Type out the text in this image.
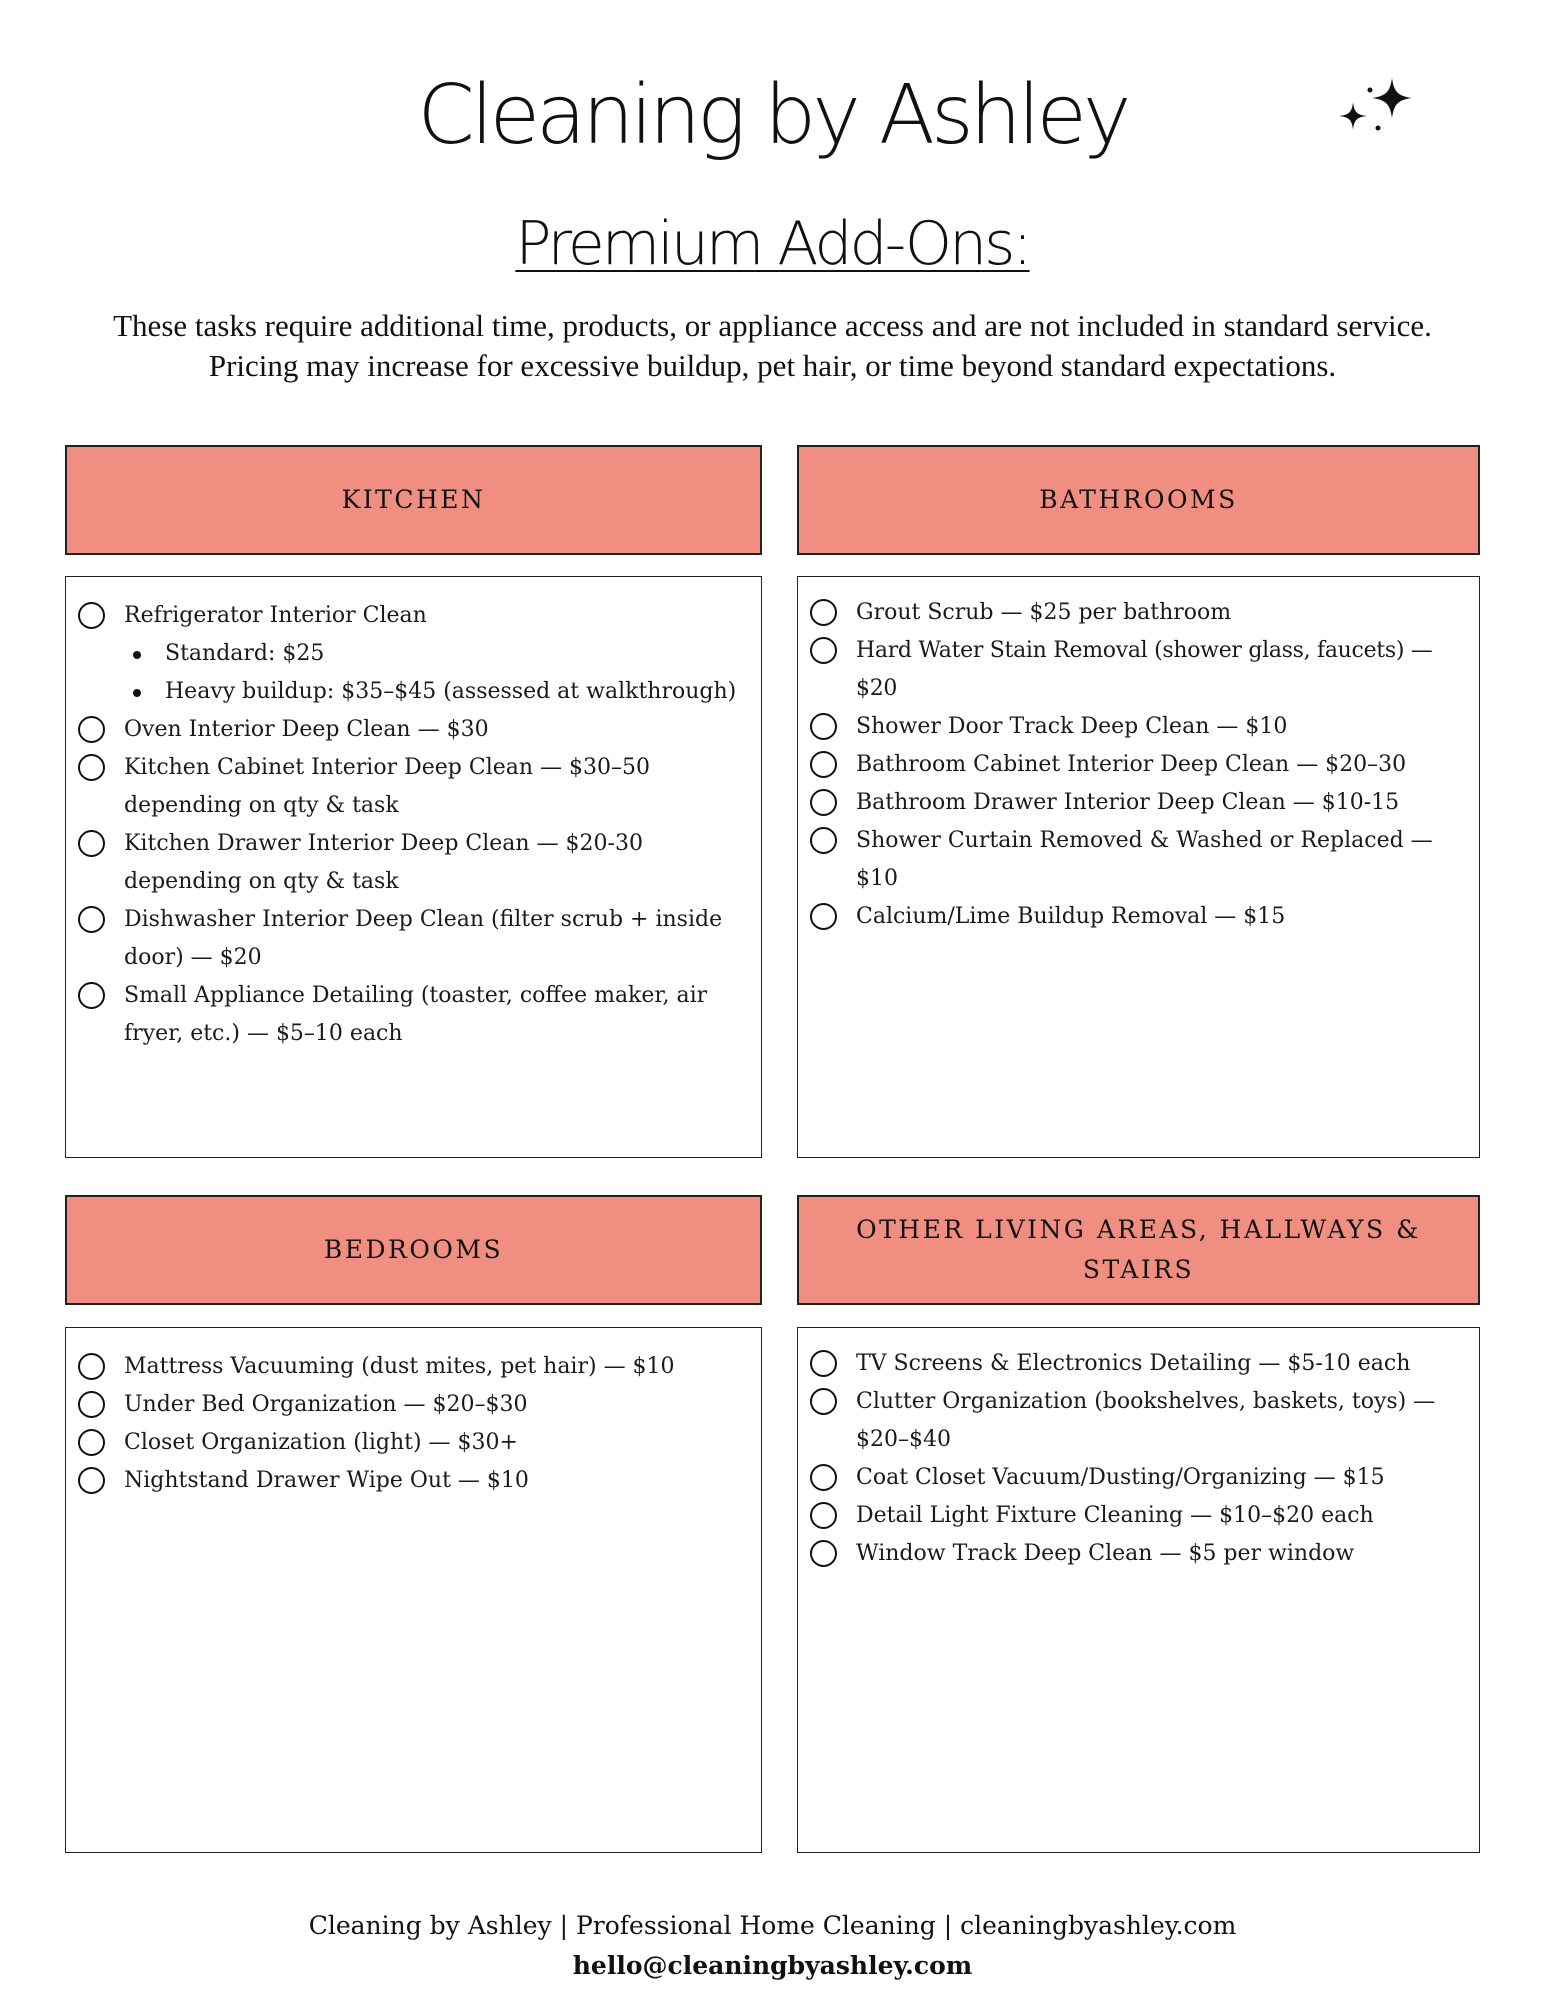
Cleaning by Ashley
Premium Add-Ons:
These tasks require additional time, products, or appliance access and are not included in standard service.
Pricing may increase for excessive buildup, pet hair, or time beyond standard expectations.
KITCHEN
Refrigerator Interior Clean
Standard: $25
Heavy buildup: $35–$45 (assessed at walkthrough)
Oven Interior Deep Clean — $30
Kitchen Cabinet Interior Deep Clean — $30–50 depending on qty & task
Kitchen Drawer Interior Deep Clean — $20-30 depending on qty & task
Dishwasher Interior Deep Clean (filter scrub + inside door) — $20
Small Appliance Detailing (toaster, coffee maker, air fryer, etc.) — $5–10 each
BATHROOMS
Grout Scrub — $25 per bathroom
Hard Water Stain Removal (shower glass, faucets) — $20
Shower Door Track Deep Clean — $10
Bathroom Cabinet Interior Deep Clean — $20–30
Bathroom Drawer Interior Deep Clean — $10-15
Shower Curtain Removed & Washed or Replaced — $10
Calcium/Lime Buildup Removal — $15
BEDROOMS
Mattress Vacuuming (dust mites, pet hair) — $10
Under Bed Organization — $20–$30
Closet Organization (light) — $30+
Nightstand Drawer Wipe Out — $10
OTHER LIVING AREAS, HALLWAYS & STAIRS
TV Screens & Electronics Detailing — $5-10 each
Clutter Organization (bookshelves, baskets, toys) — $20–$40
Coat Closet Vacuum/Dusting/Organizing — $15
Detail Light Fixture Cleaning — $10–$20 each
Window Track Deep Clean — $5 per window
Cleaning by Ashley | Professional Home Cleaning | cleaningbyashley.com
hello@cleaningbyashley.com
